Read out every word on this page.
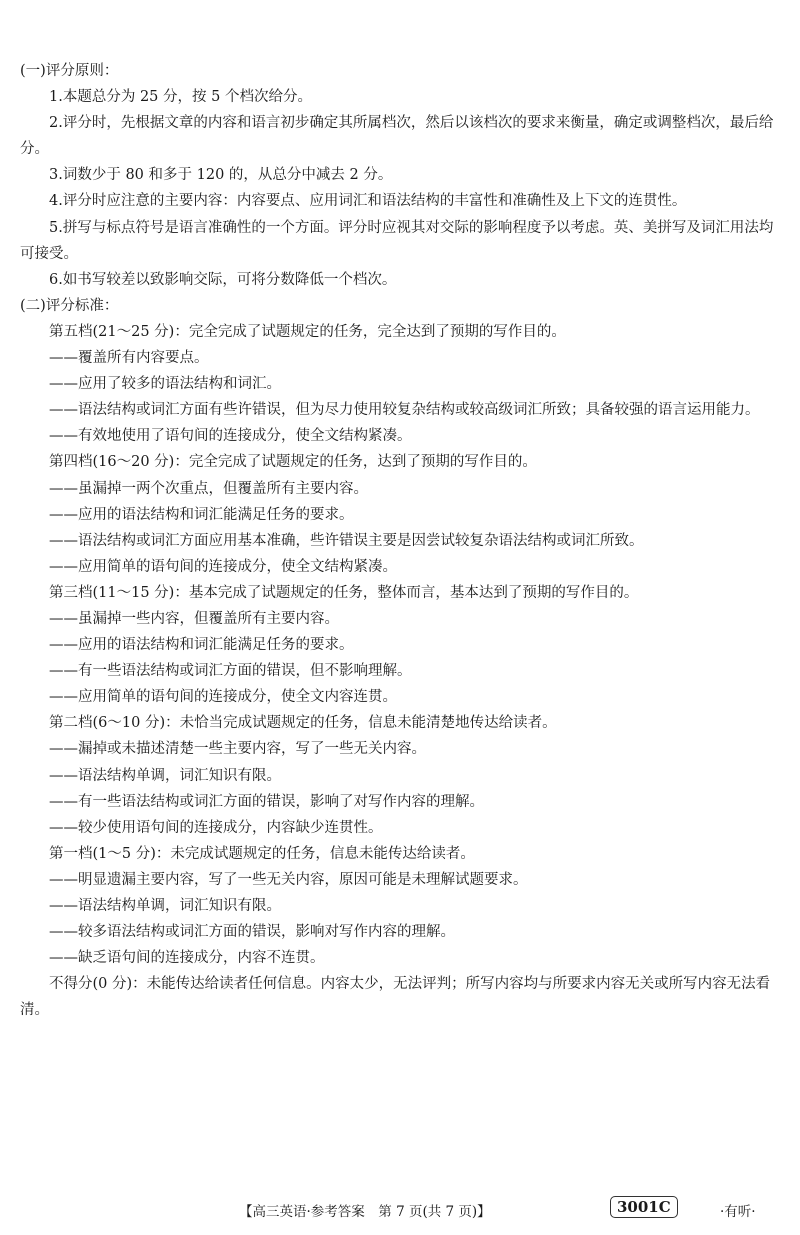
(一)评分原则：
1.本题总分为 25 分，按 5 个档次给分。
2.评分时，先根据文章的内容和语言初步确定其所属档次，然后以该档次的要求来衡量，确定或调整档次，最后给分。
3.词数少于 80 和多于 120 的，从总分中减去 2 分。
4.评分时应注意的主要内容：内容要点、应用词汇和语法结构的丰富性和准确性及上下文的连贯性。
5.拼写与标点符号是语言准确性的一个方面。评分时应视其对交际的影响程度予以考虑。英、美拼写及词汇用法均可接受。
6.如书写较差以致影响交际，可将分数降低一个档次。
(二)评分标准：
第五档(21～25 分)：完全完成了试题规定的任务，完全达到了预期的写作目的。
——覆盖所有内容要点。
——应用了较多的语法结构和词汇。
——语法结构或词汇方面有些许错误，但为尽力使用较复杂结构或较高级词汇所致；具备较强的语言运用能力。
——有效地使用了语句间的连接成分，使全文结构紧凑。
第四档(16～20 分)：完全完成了试题规定的任务，达到了预期的写作目的。
——虽漏掉一两个次重点，但覆盖所有主要内容。
——应用的语法结构和词汇能满足任务的要求。
——语法结构或词汇方面应用基本准确，些许错误主要是因尝试较复杂语法结构或词汇所致。
——应用简单的语句间的连接成分，使全文结构紧凑。
第三档(11～15 分)：基本完成了试题规定的任务，整体而言，基本达到了预期的写作目的。
——虽漏掉一些内容，但覆盖所有主要内容。
——应用的语法结构和词汇能满足任务的要求。
——有一些语法结构或词汇方面的错误，但不影响理解。
——应用简单的语句间的连接成分，使全文内容连贯。
第二档(6～10 分)：未恰当完成试题规定的任务，信息未能清楚地传达给读者。
——漏掉或未描述清楚一些主要内容，写了一些无关内容。
——语法结构单调，词汇知识有限。
——有一些语法结构或词汇方面的错误，影响了对写作内容的理解。
——较少使用语句间的连接成分，内容缺少连贯性。
第一档(1～5 分)：未完成试题规定的任务，信息未能传达给读者。
——明显遗漏主要内容，写了一些无关内容，原因可能是未理解试题要求。
——语法结构单调，词汇知识有限。
——较多语法结构或词汇方面的错误，影响对写作内容的理解。
——缺乏语句间的连接成分，内容不连贯。
不得分(0 分)：未能传达给读者任何信息。内容太少，无法评判；所写内容均与所要求内容无关或所写内容无法看清。
【高三英语·参考答案　第 7 页(共 7 页)】	3001C	·有听·
